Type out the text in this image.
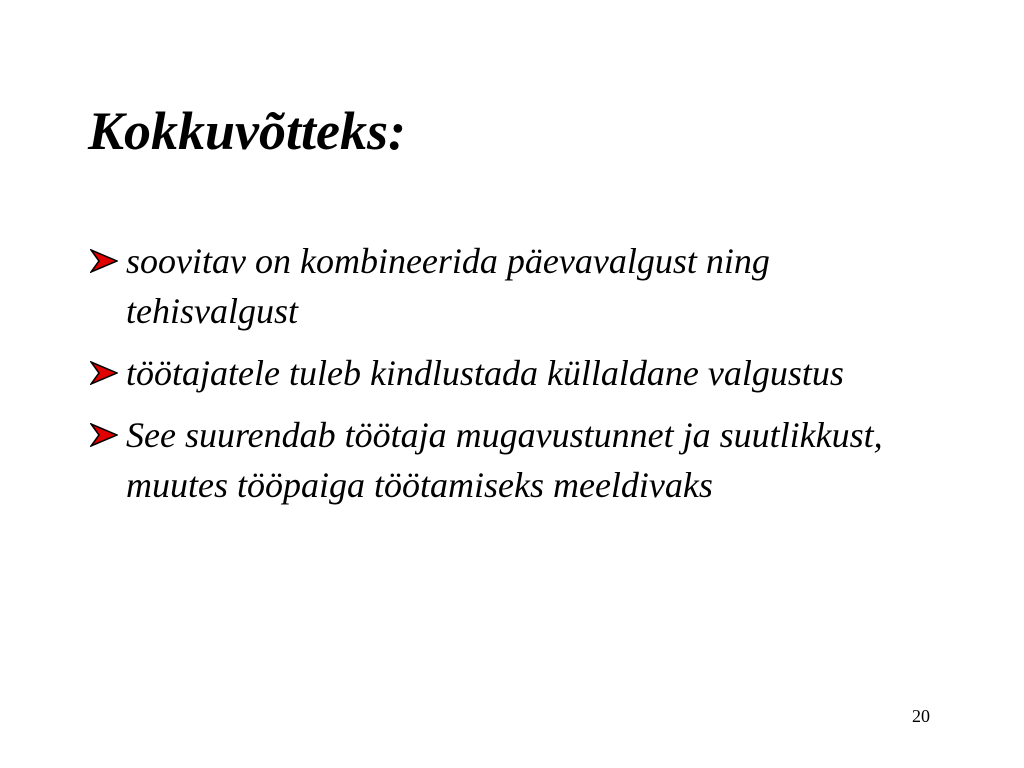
Kokkuvõtteks:
soovitav on kombineerida päevavalgust ning tehisvalgust
töötajatele tuleb kindlustada küllaldane valgustus
See suurendab töötaja mugavustunnet ja suutlikkust, muutes tööpaiga töötamiseks meeldivaks
20
